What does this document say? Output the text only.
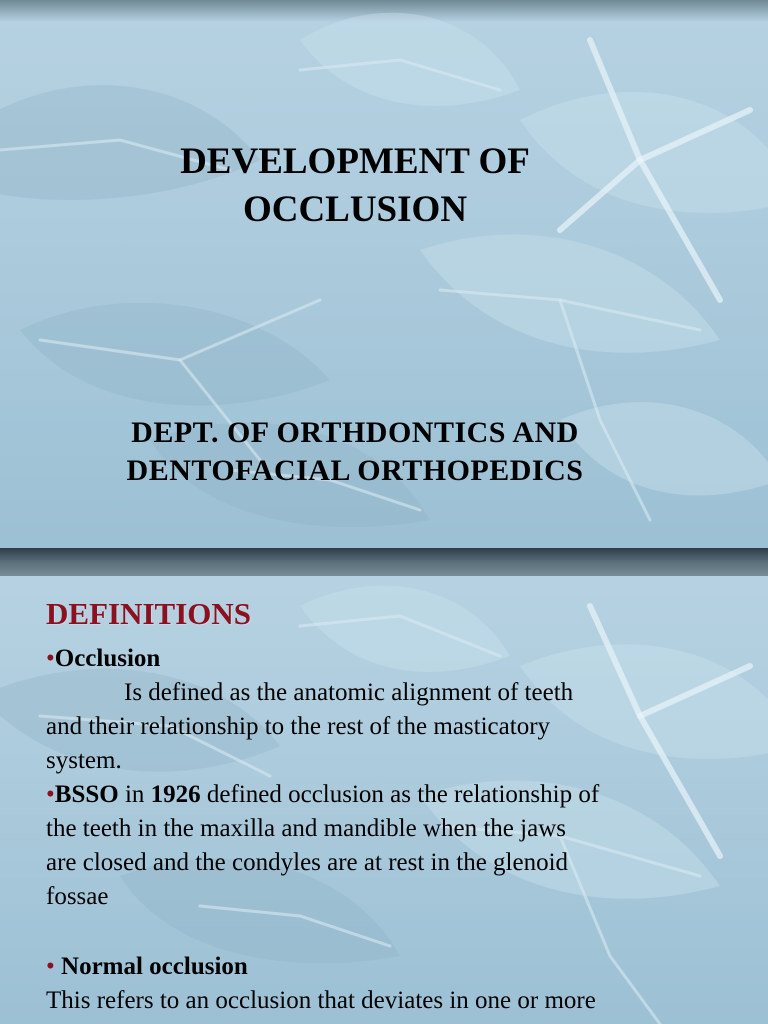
DEVELOPMENT OF
OCCLUSION
DEPT. OF ORTHDONTICS AND
DENTOFACIAL ORTHOPEDICS
DEFINITIONS

•Occlusion

Is defined as the anatomic alignment of teeth

and their relationship to the rest of the masticatory

system.

•BSSO in 1926 defined occlusion as the relationship of

the teeth in the maxilla and mandible when the jaws

are closed and the condyles are at rest in the glenoid

fossae

• Normal occlusion

This refers to an occlusion that deviates in one or more
